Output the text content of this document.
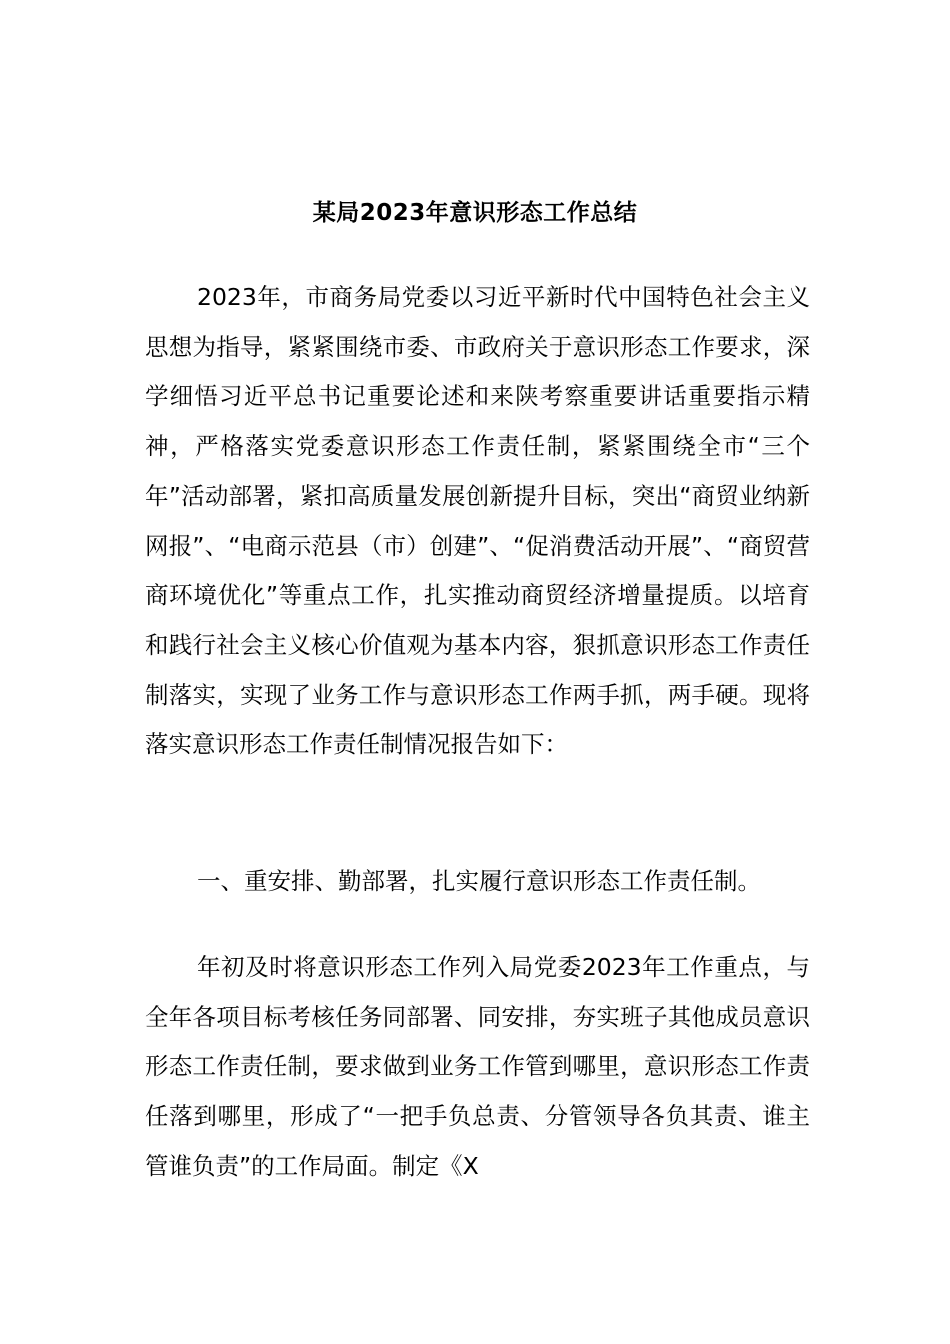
某局2023年意识形态工作总结

2023年，市商务局党委以习近平新时代中国特色社会主义思想为指导，紧紧围绕市委、市政府关于意识形态工作要求，深学细悟习近平总书记重要论述和来陕考察重要讲话重要指示精神，严格落实党委意识形态工作责任制，紧紧围绕全市“三个年”活动部署，紧扣高质量发展创新提升目标，突出“商贸业纳新网报”、“电商示范县（市）创建”、“促消费活动开展”、“商贸营商环境优化”等重点工作，扎实推动商贸经济增量提质。以培育和践行社会主义核心价值观为基本内容，狠抓意识形态工作责任制落实，实现了业务工作与意识形态工作两手抓，两手硬。现将落实意识形态工作责任制情况报告如下：

一、重安排、勤部署，扎实履行意识形态工作责任制。

年初及时将意识形态工作列入局党委2023年工作重点，与全年各项目标考核任务同部署、同安排，夯实班子其他成员意识形态工作责任制，要求做到业务工作管到哪里，意识形态工作责任落到哪里，形成了“一把手负总责、分管领导各负其责、谁主管谁负责”的工作局面。制定《X
